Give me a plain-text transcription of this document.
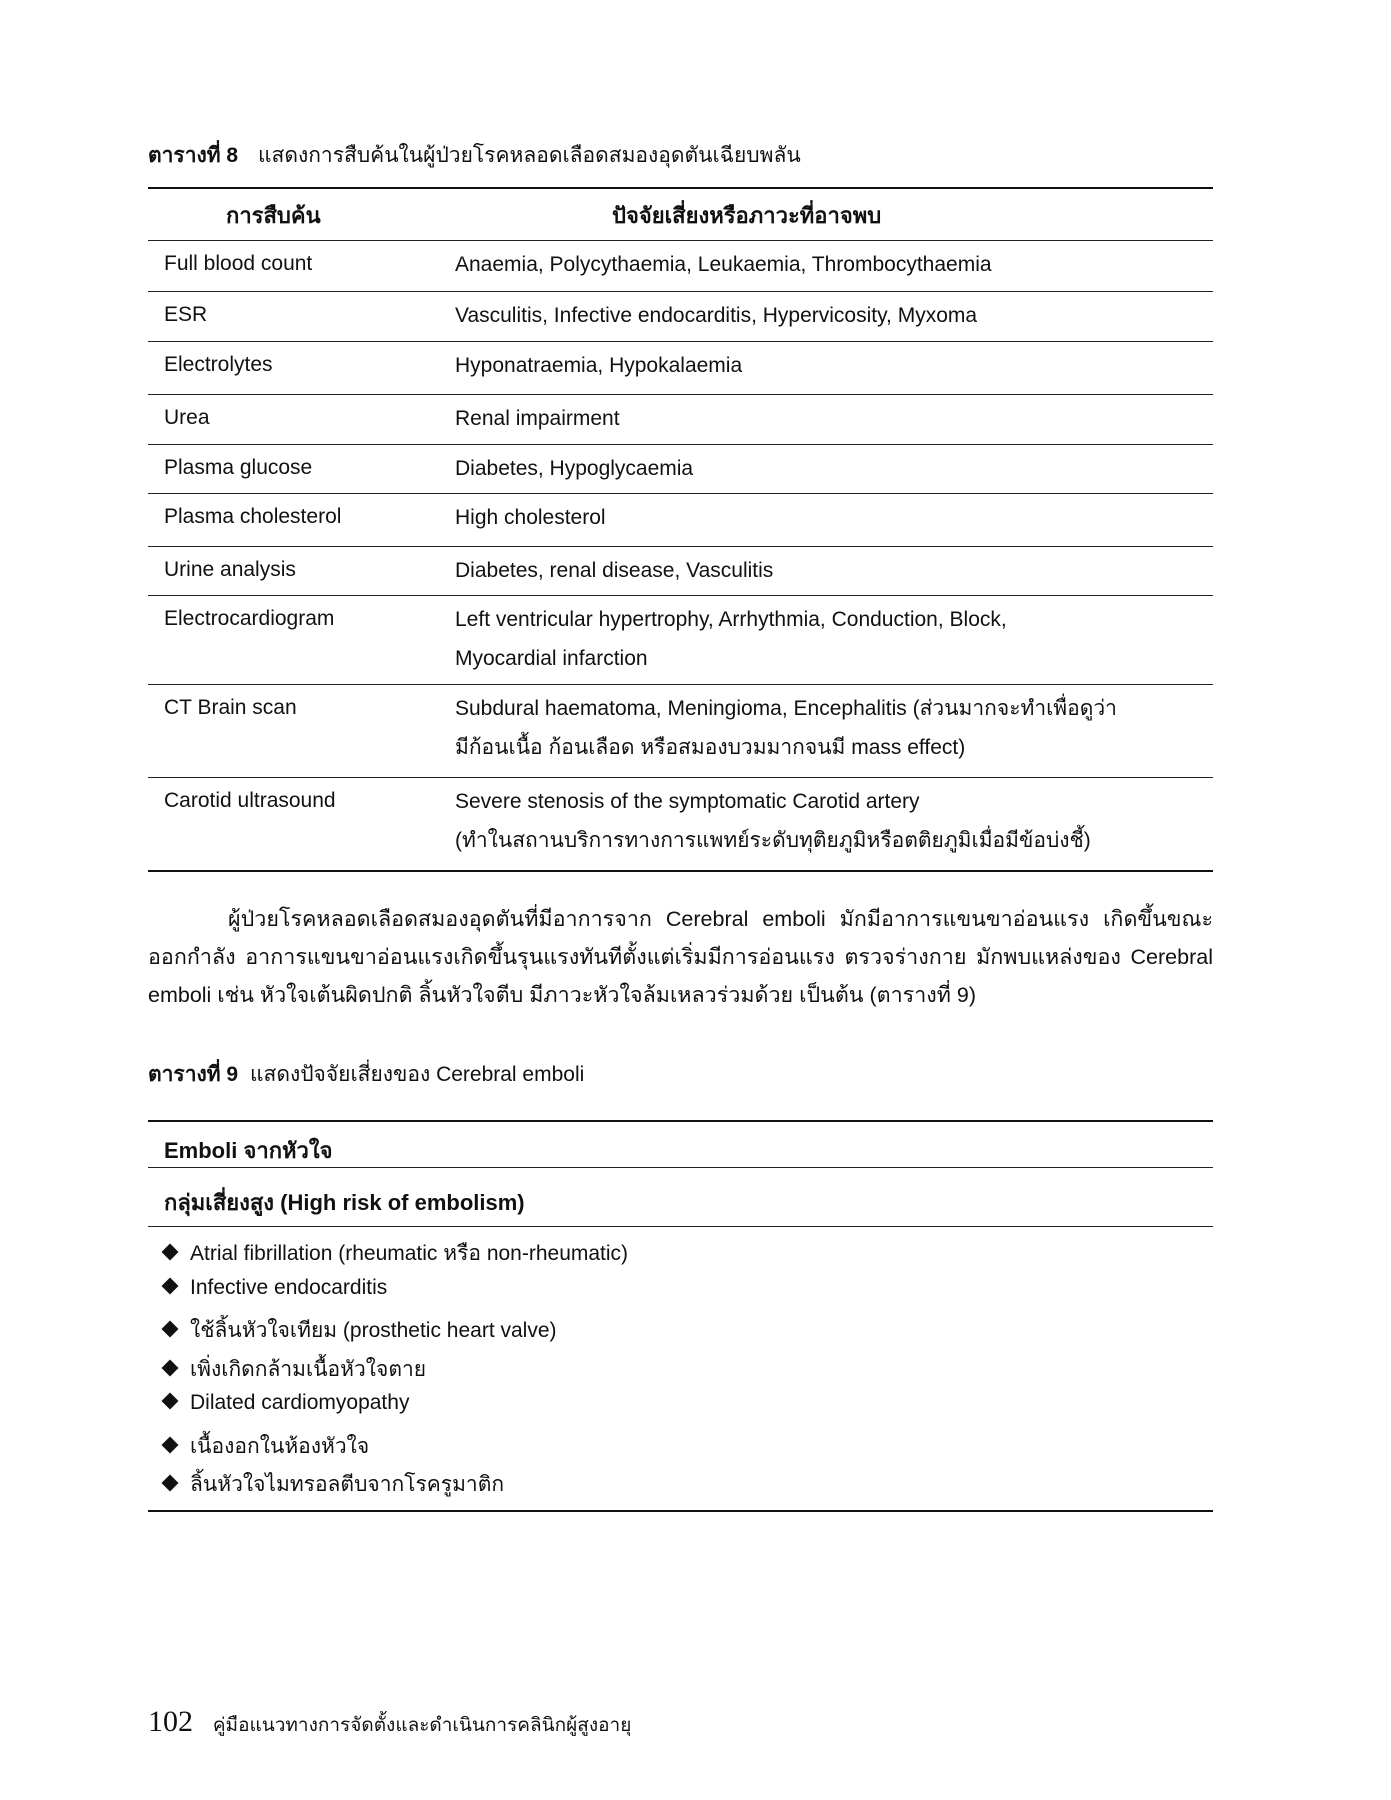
ตารางที่ 8 แสดงการสืบค้นในผู้ป่วยโรคหลอดเลือดสมองอุดตันเฉียบพลัน
การสืบค้น	ปัจจัยเสี่ยงหรือภาวะที่อาจพบ
Full blood count	Anaemia, Polycythaemia, Leukaemia, Thrombocythaemia
ESR	Vasculitis, Infective endocarditis, Hypervicosity, Myxoma
Electrolytes	Hyponatraemia, Hypokalaemia
Urea	Renal impairment
Plasma glucose	Diabetes, Hypoglycaemia
Plasma cholesterol	High cholesterol
Urine analysis	Diabetes, renal disease, Vasculitis
Electrocardiogram	Left ventricular hypertrophy, Arrhythmia, Conduction, Block,
Myocardial infarction
CT Brain scan	Subdural haematoma, Meningioma, Encephalitis (ส่วนมากจะทำเพื่อดูว่า
มีก้อนเนื้อ ก้อนเลือด หรือสมองบวมมากจนมี mass effect)
Carotid ultrasound	Severe stenosis of the symptomatic Carotid artery
(ทำในสถานบริการทางการแพทย์ระดับทุติยภูมิหรือตติยภูมิเมื่อมีข้อบ่งชี้)
ผู้ป่วยโรคหลอดเลือดสมองอุดตันที่มีอาการจาก Cerebral emboli มักมีอาการแขนขาอ่อนแรง เกิดขึ้นขณะออกกำลัง อาการแขนขาอ่อนแรงเกิดขึ้นรุนแรงทันทีตั้งแต่เริ่มมีการอ่อนแรง ตรวจร่างกาย มักพบแหล่งของ Cerebral emboli เช่น หัวใจเต้นผิดปกติ ลิ้นหัวใจตีบ มีภาวะหัวใจล้มเหลวร่วมด้วย เป็นต้น (ตารางที่ 9)
ตารางที่ 9 แสดงปัจจัยเสี่ยงของ Cerebral emboli
Emboli จากหัวใจ
กลุ่มเสี่ยงสูง (High risk of embolism)
Atrial fibrillation (rheumatic หรือ non-rheumatic)
Infective endocarditis
ใช้ลิ้นหัวใจเทียม (prosthetic heart valve)
เพิ่งเกิดกล้ามเนื้อหัวใจตาย
Dilated cardiomyopathy
เนื้องอกในห้องหัวใจ
ลิ้นหัวใจไมทรอลตีบจากโรครูมาติก
102 คู่มือแนวทางการจัดตั้งและดำเนินการคลินิกผู้สูงอายุ
